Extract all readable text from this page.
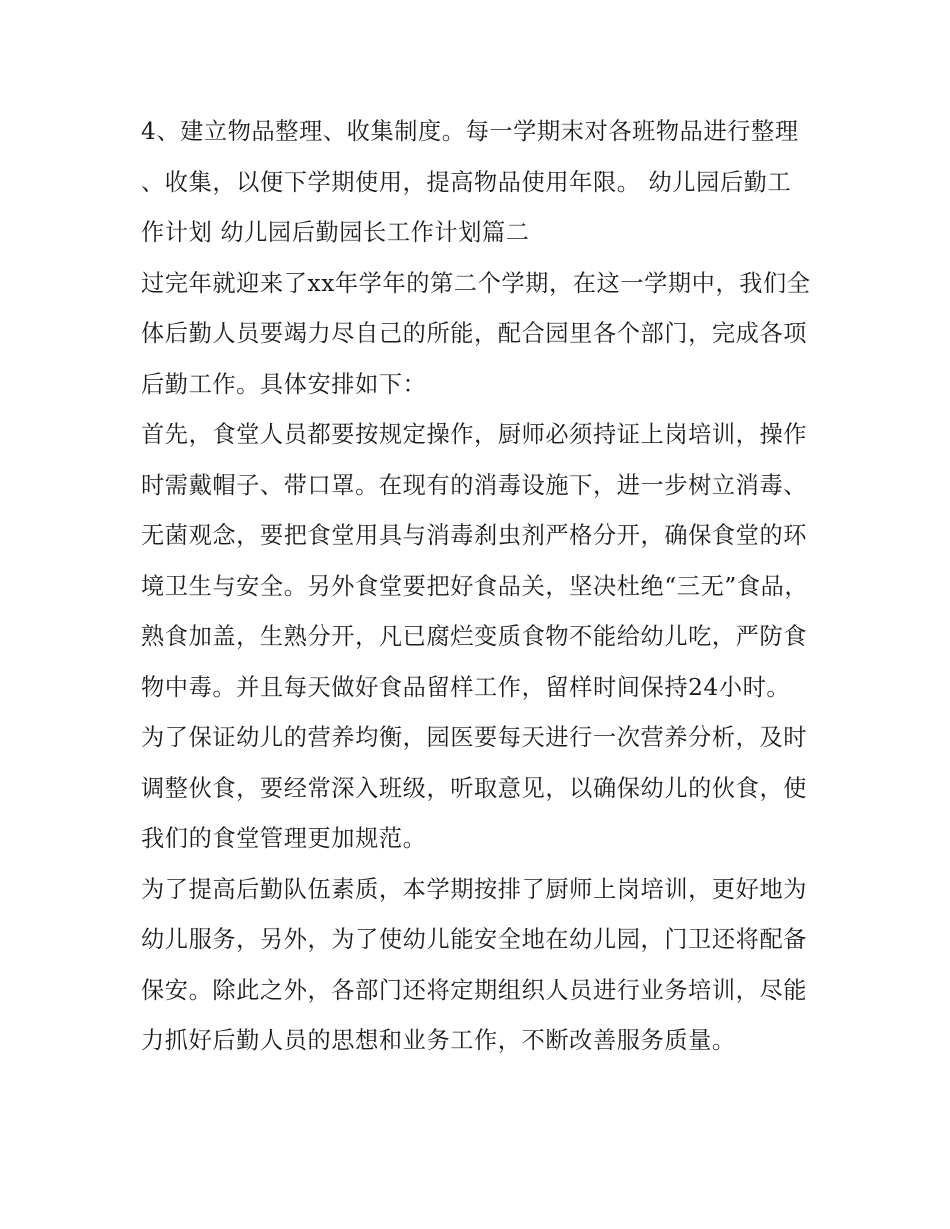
4、建立物品整理、收集制度。每一学期末对各班物品进行整理、收集，以便下学期使用，提高物品使用年限。 幼儿园后勤工作计划 幼儿园后勤园长工作计划篇二

过完年就迎来了xx年学年的第二个学期，在这一学期中，我们全体后勤人员要竭力尽自己的所能，配合园里各个部门，完成各项后勤工作。具体安排如下：

首先，食堂人员都要按规定操作，厨师必须持证上岗培训，操作时需戴帽子、带口罩。在现有的消毒设施下，进一步树立消毒、无菌观念，要把食堂用具与消毒刹虫剂严格分开，确保食堂的环境卫生与安全。另外食堂要把好食品关，坚决杜绝“三无”食品，熟食加盖，生熟分开，凡已腐烂变质食物不能给幼儿吃，严防食物中毒。并且每天做好食品留样工作，留样时间保持24小时。为了保证幼儿的营养均衡，园医要每天进行一次营养分析，及时调整伙食，要经常深入班级，听取意见，以确保幼儿的伙食，使我们的食堂管理更加规范。

为了提高后勤队伍素质，本学期按排了厨师上岗培训，更好地为幼儿服务，另外，为了使幼儿能安全地在幼儿园，门卫还将配备保安。除此之外，各部门还将定期组织人员进行业务培训，尽能力抓好后勤人员的思想和业务工作，不断改善服务质量。
